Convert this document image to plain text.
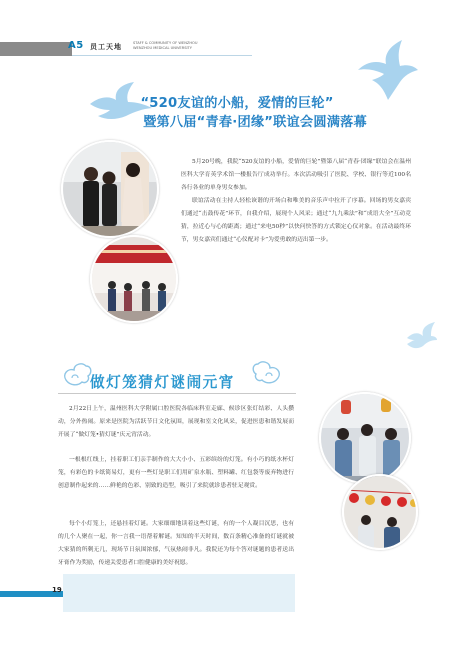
A5 员工天地	STAFF & COMMUNITY OF WENZHOU
WENZHOU MEDICAL UNIVERSITY
“520友谊的小船，爱情的巨轮”
暨第八届“青春·团缘”联谊会圆满落幕
5月20号晚，我院“520友谊的小船，爱情的巨轮”暨第八届“青春·团缘”联谊会在温州医科大学育英学术馆一楼报告厅成功举行。本次活动吸引了医院、学校、银行等近100名各行各业的单身男女参加。
联谊活动在主持人轻松诙谐的开场白和唯美的音乐声中拉开了序幕。回场的男女嘉宾们通过“击鼓传花”环节，自我介绍，展现个人风采；通过“九九乘法”和“成语大全”互动竞猜，拉近心与心的距离；通过“来电50秒”以快问快答的方式锁定心仪对象。在活动最终环节，男女嘉宾们通过“心仪配对卡”为爱勇敢的迈出第一步。
做灯笼猜灯谜闹元宵
2月22日上午，温州医科大学附属口腔医院各临床科室走廊、候诊区张灯结彩、人头攒动，分外热闹。原来是医院为活跃节日文化氛围，展现和室文化风采，促进医患和谐发展而开展了“做灯笼•猜灯谜”庆元宵活动。
一根根红线上，挂着职工们亲手制作的大大小小、五彩缤纷的灯笼。有小巧的纸水杯灯笼，有彩色的卡纸简易灯，更有一些灯是职工们用矿泉水瓶、塑料罐、红包袋等废弃物进行创意制作起来的……鲜艳的色彩、别致的造型，吸引了来院就诊患者驻足观赏。
每个小灯笼上，还悬挂着灯谜。大家细细地读着这些灯谜，有的一个人凝目沉思，也有的几个人聚在一起，你一言我一语帮着解谜。知知的半天时间，数百条精心准备的灯谜就被大家猜的所剩无几，现场节日氛围浓郁，气氛热闹非凡。我院还为每个答对谜题的患者送出牙膏作为奖励，传递关爱患者口腔健康的美好祝愿。
19
